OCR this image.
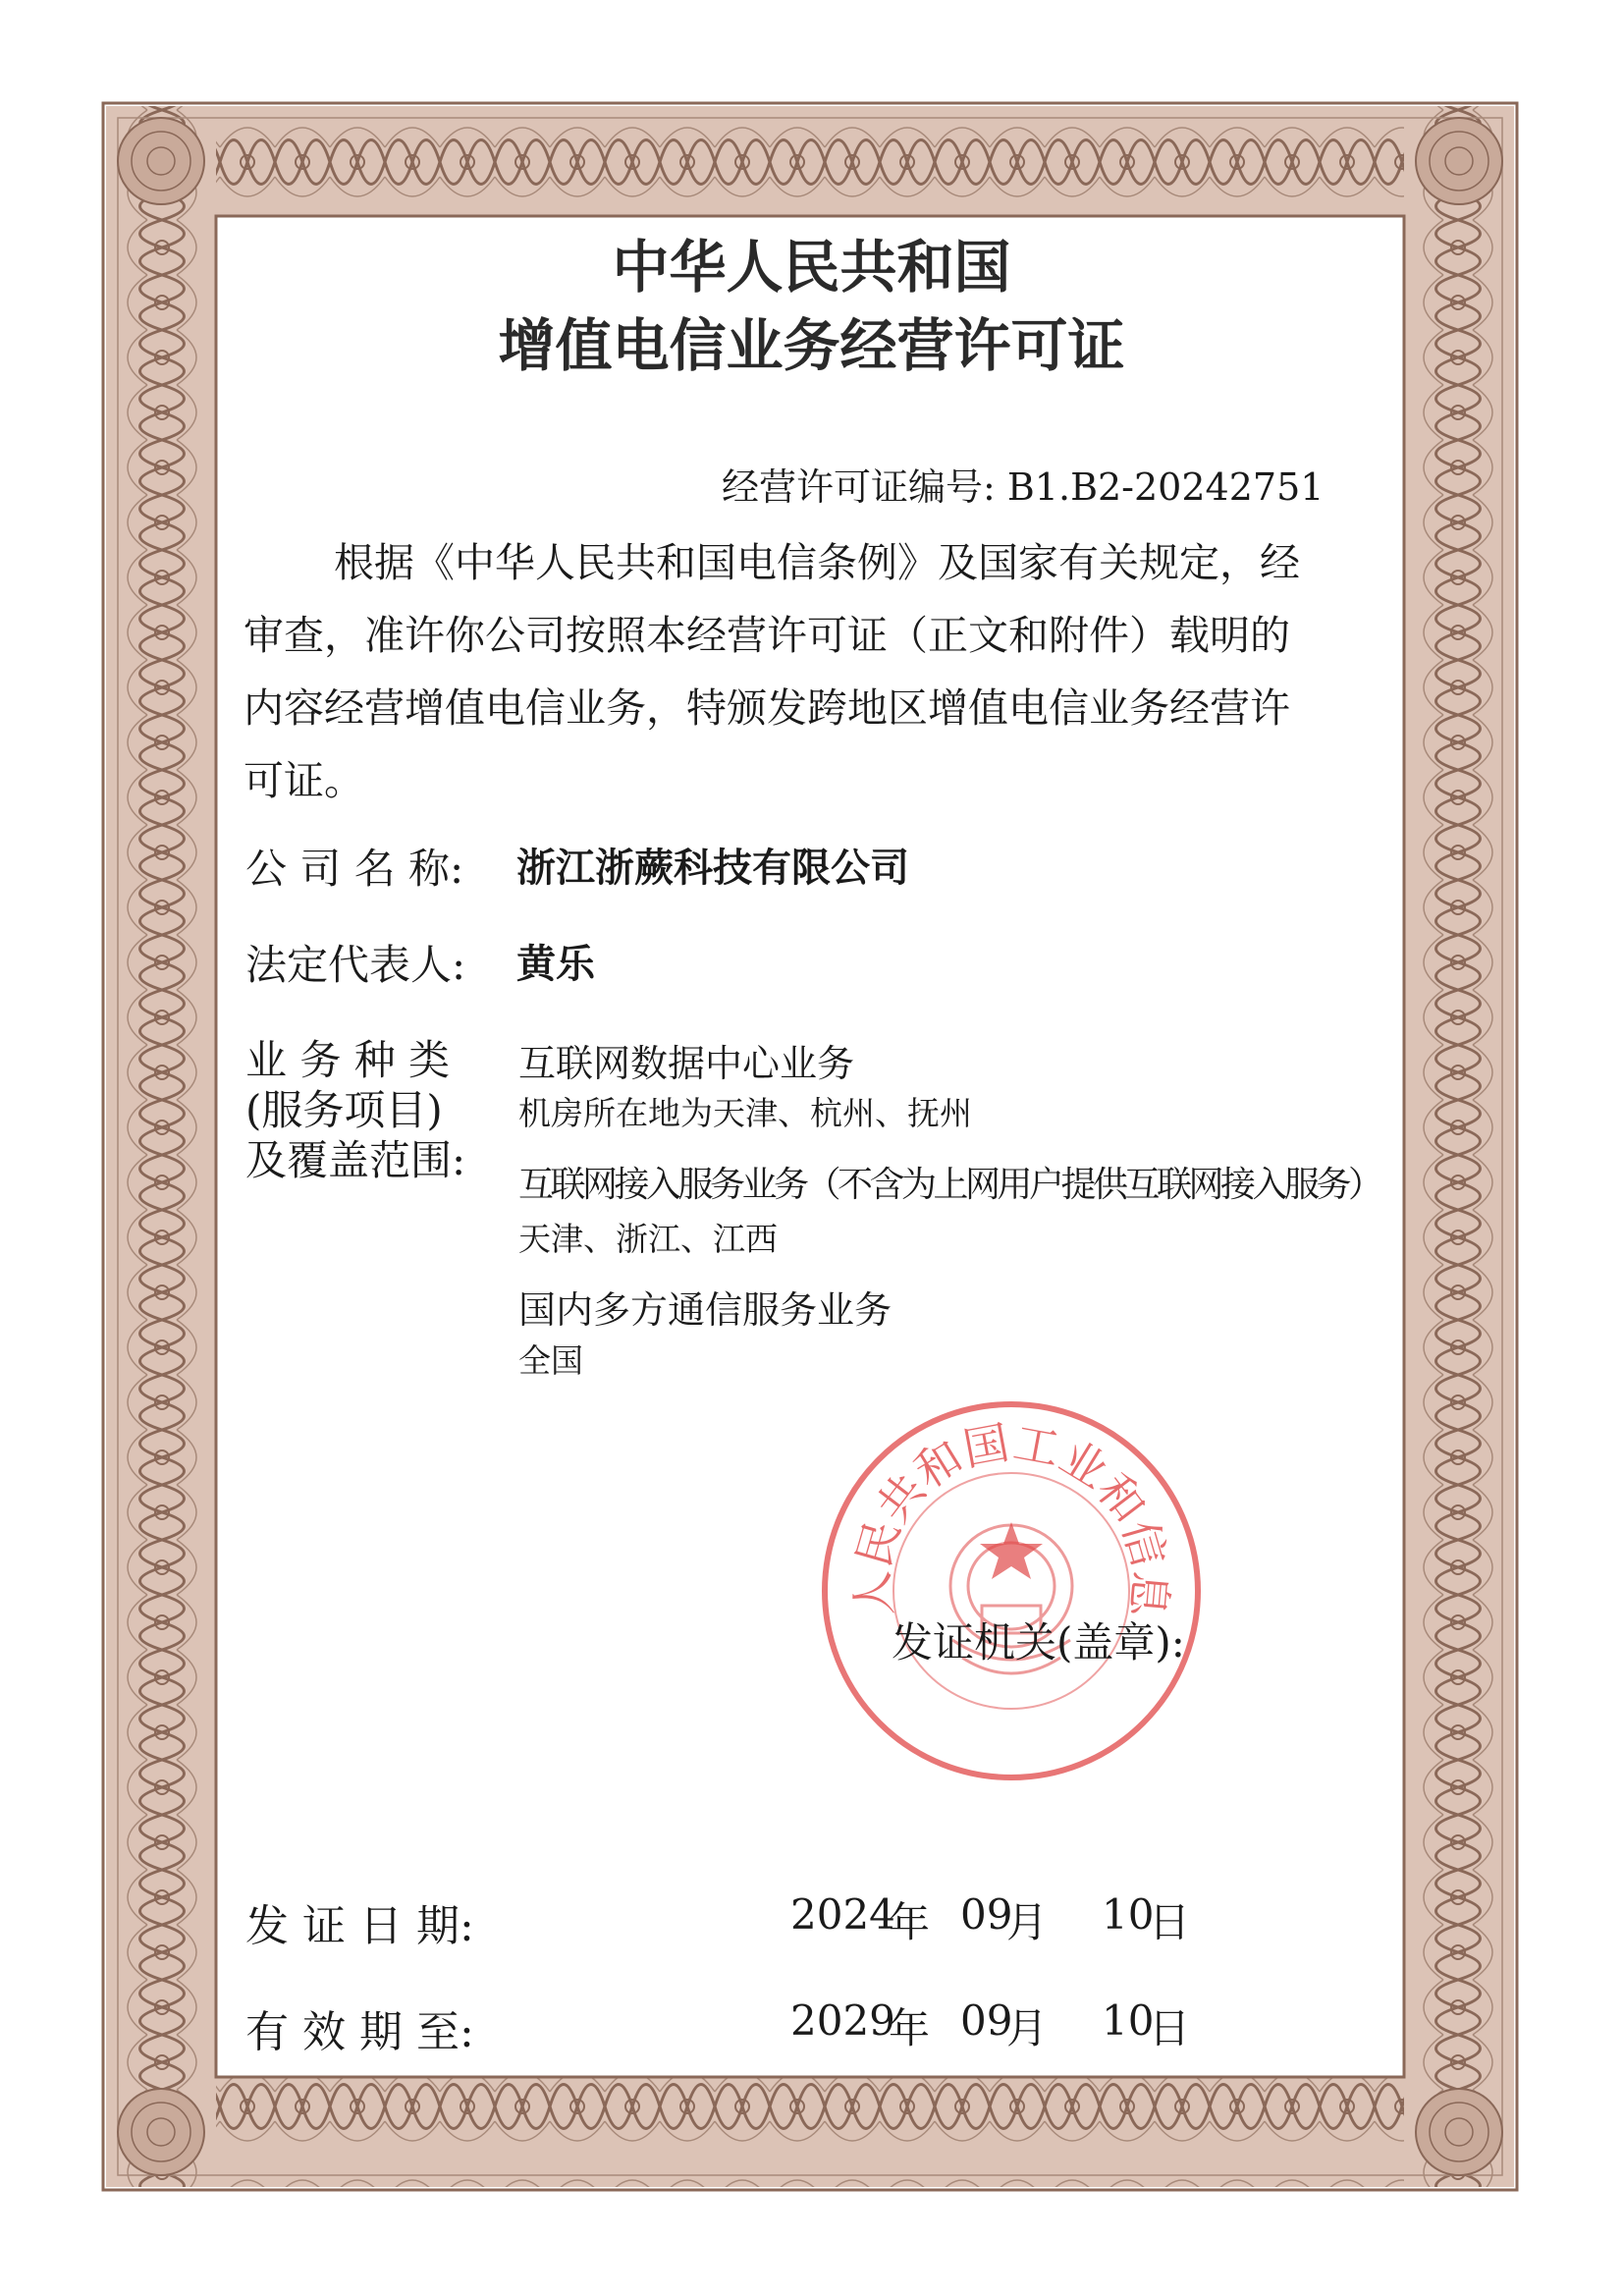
中华人民共和国
增值电信业务经营许可证
经营许可证编号: B1.B2-20242751
根据《中华人民共和国电信条例》及国家有关规定，经
审查，准许你公司按照本经营许可证（正文和附件）载明的
内容经营增值电信业务，特颁发跨地区增值电信业务经营许
可证。
公 司 名 称: 浙江浙蕨科技有限公司
法定代表人: 黄乐
业 务 种 类
(服务项目)
及覆盖范围:
互联网数据中心业务
机房所在地为天津、杭州、抚州
互联网接入服务业务（不含为上网用户提供互联网接入服务）
天津、浙江、江西
国内多方通信服务业务
全国
人民共和国工业和信息
发证机关(盖章):
发 证 日 期:	2024
年 09
月 10
日
有 效 期 至:	2029
年 09
月 10
日
